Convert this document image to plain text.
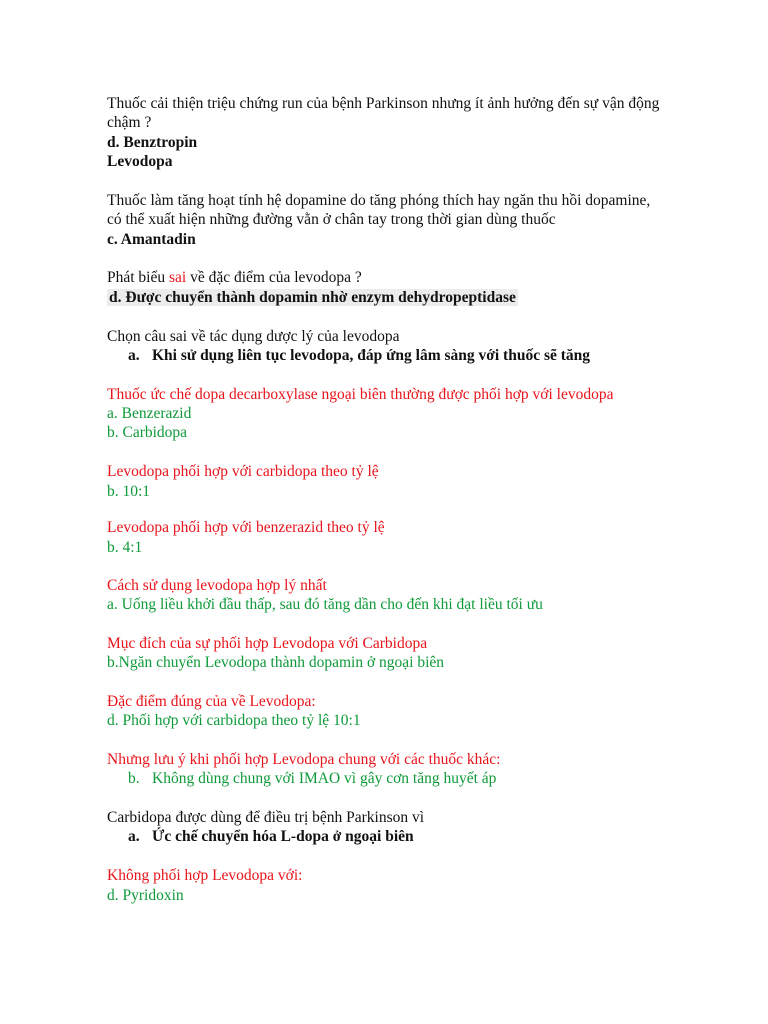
Thuốc cải thiện triệu chứng run của bệnh Parkinson nhưng ít ảnh hưởng đến sự vận động
chậm ?
d. Benztropin
Levodopa
Thuốc làm tăng hoạt tính hệ dopamine do tăng phóng thích hay ngăn thu hồi dopamine,
có thể xuất hiện những đường vằn ở chân tay trong thời gian dùng thuốc
c. Amantadin
Phát biểu sai về đặc điểm của levodopa ?
d. Được chuyển thành dopamin nhờ enzym dehydropeptidase
Chọn câu sai về tác dụng dược lý của levodopa
a. Khi sử dụng liên tục levodopa, đáp ứng lâm sàng với thuốc sẽ tăng
Thuốc ức chế dopa decarboxylase ngoại biên thường được phối hợp với levodopa
a. Benzerazid
b. Carbidopa
Levodopa phối hợp với carbidopa theo tỷ lệ
b. 10:1
Levodopa phối hợp với benzerazid theo tỷ lệ
b. 4:1
Cách sử dụng levodopa hợp lý nhất
a. Uống liều khởi đầu thấp, sau đó tăng dần cho đến khi đạt liều tối ưu
Mục đích của sự phối hợp Levodopa với Carbidopa
b.Ngăn chuyển Levodopa thành dopamin ở ngoại biên
Đặc điểm đúng của về Levodopa:
d. Phối hợp với carbidopa theo tỷ lệ 10:1
Nhưng lưu ý khi phối hợp Levodopa chung với các thuốc khác:
b. Không dùng chung với IMAO vì gây cơn tăng huyết áp
Carbidopa được dùng để điều trị bệnh Parkinson vì
a. Ức chế chuyển hóa L-dopa ở ngoại biên
Không phối hợp Levodopa với:
d. Pyridoxin
